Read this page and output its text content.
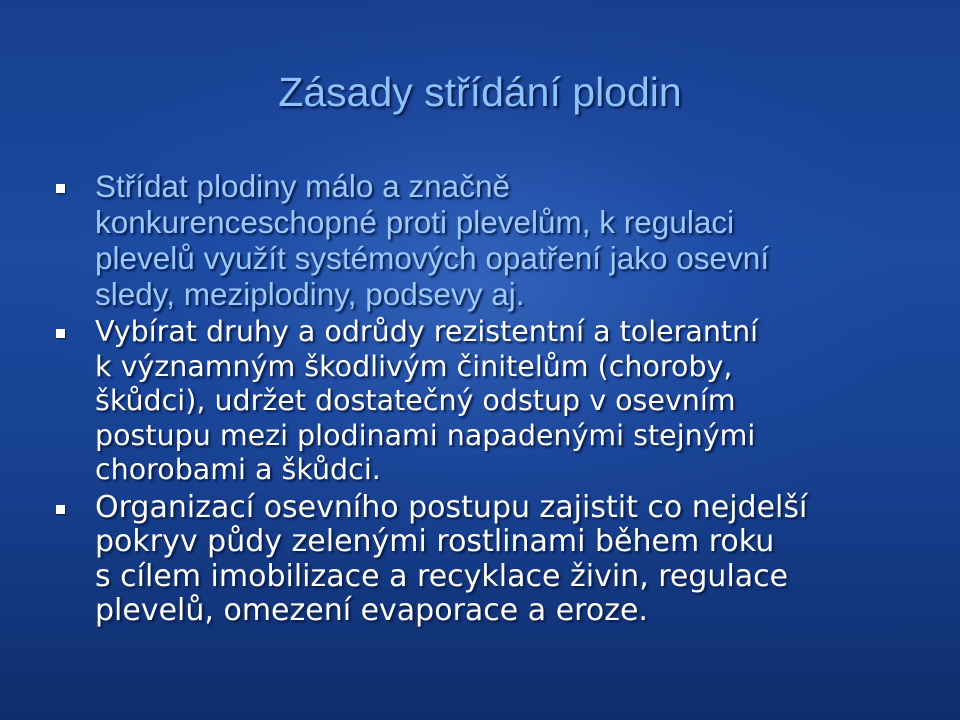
Zásady střídání plodin
Střídat plodiny málo a značně
konkurenceschopné proti plevelům, k regulaci
plevelů využít systémových opatření jako osevní
sledy, meziplodiny, podsevy aj.
Vybírat druhy a odrůdy rezistentní a tolerantní
k významným škodlivým činitelům (choroby,
škůdci), udržet dostatečný odstup v osevním
postupu mezi plodinami napadenými stejnými
chorobami a škůdci.
Organizací osevního postupu zajistit co nejdelší
pokryv půdy zelenými rostlinami během roku
s cílem imobilizace a recyklace živin, regulace
plevelů, omezení evaporace a eroze.
